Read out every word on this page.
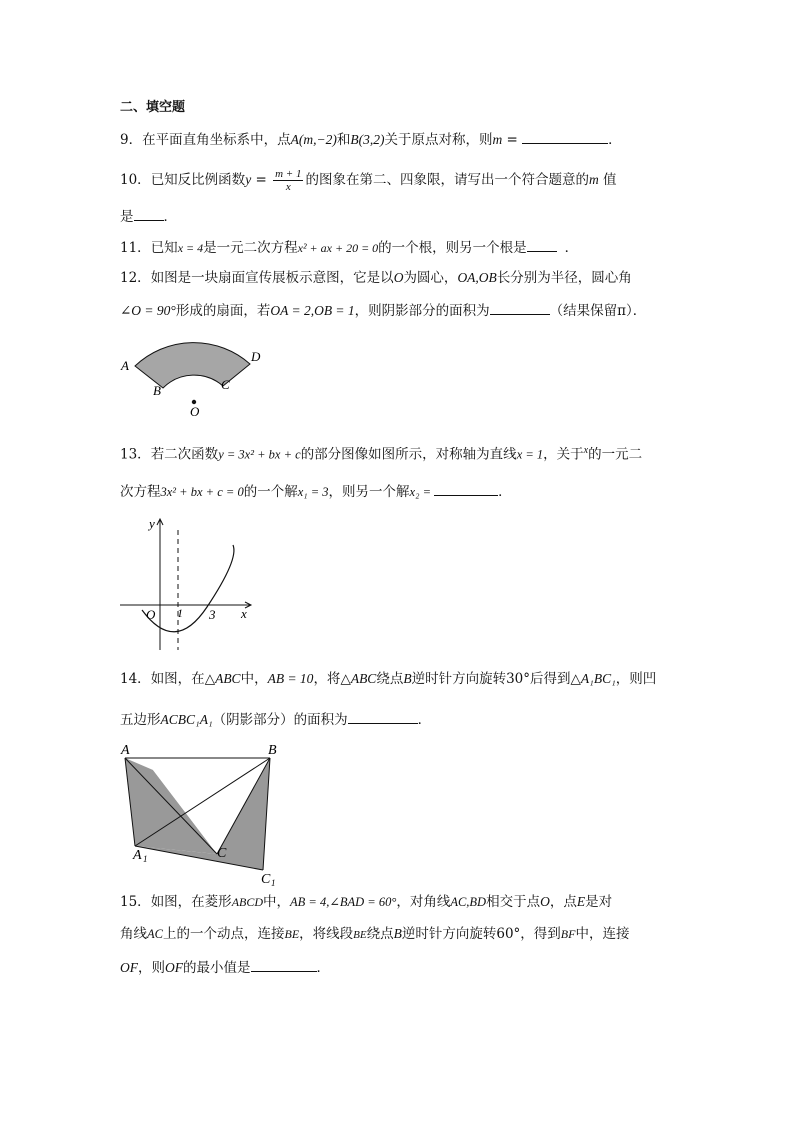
二、填空题
9．在平面直角坐标系中，点A(m,−2)和B(3,2)关于原点对称，则m =	．
10．已知反比例函数$y = \frac{m + 1}{x}$ 的图象在第二、四象限，请写出一个符合题意的m 值
是 ．
11．已知x = 4是一元二次方程x² + ax + 20 = 0的一个根，则另一个根是	．
12．如图是一块扇面宣传展板示意图，它是以O为圆心，OA,OB长分别为半径，圆心角
∠O = 90°形成的扇面，若OA = 2,OB = 1，则阴影部分的面积为	（结果保留π）．
A
B	C
D
O
13．若二次函数y = 3x² + bx + c的部分图像如图所示，对称轴为直线x = 1，关于$^x$的一元二
次方程3x² + bx + c = 0的一个解x₁ = 3，则另一个解x₂ =	．
y
x
O 1 3
14．如图，在△ABC中，AB = 10，将△ABC绕点B逆时针方向旋转30°后得到△A₁BC₁，则凹
五边形ACBC₁A₁（阴影部分）的面积为	．
A	B
C
A 1
C 1
15．如图，在菱形ABCD中，AB = 4,∠BAD = 60°，对角线AC,BD相交于点O，点E是对
角线AC上的一个动点，连接BE，将线段BE绕点B逆时针方向旋转60°，得到BF中，连接
OF，则OF的最小值是	．
